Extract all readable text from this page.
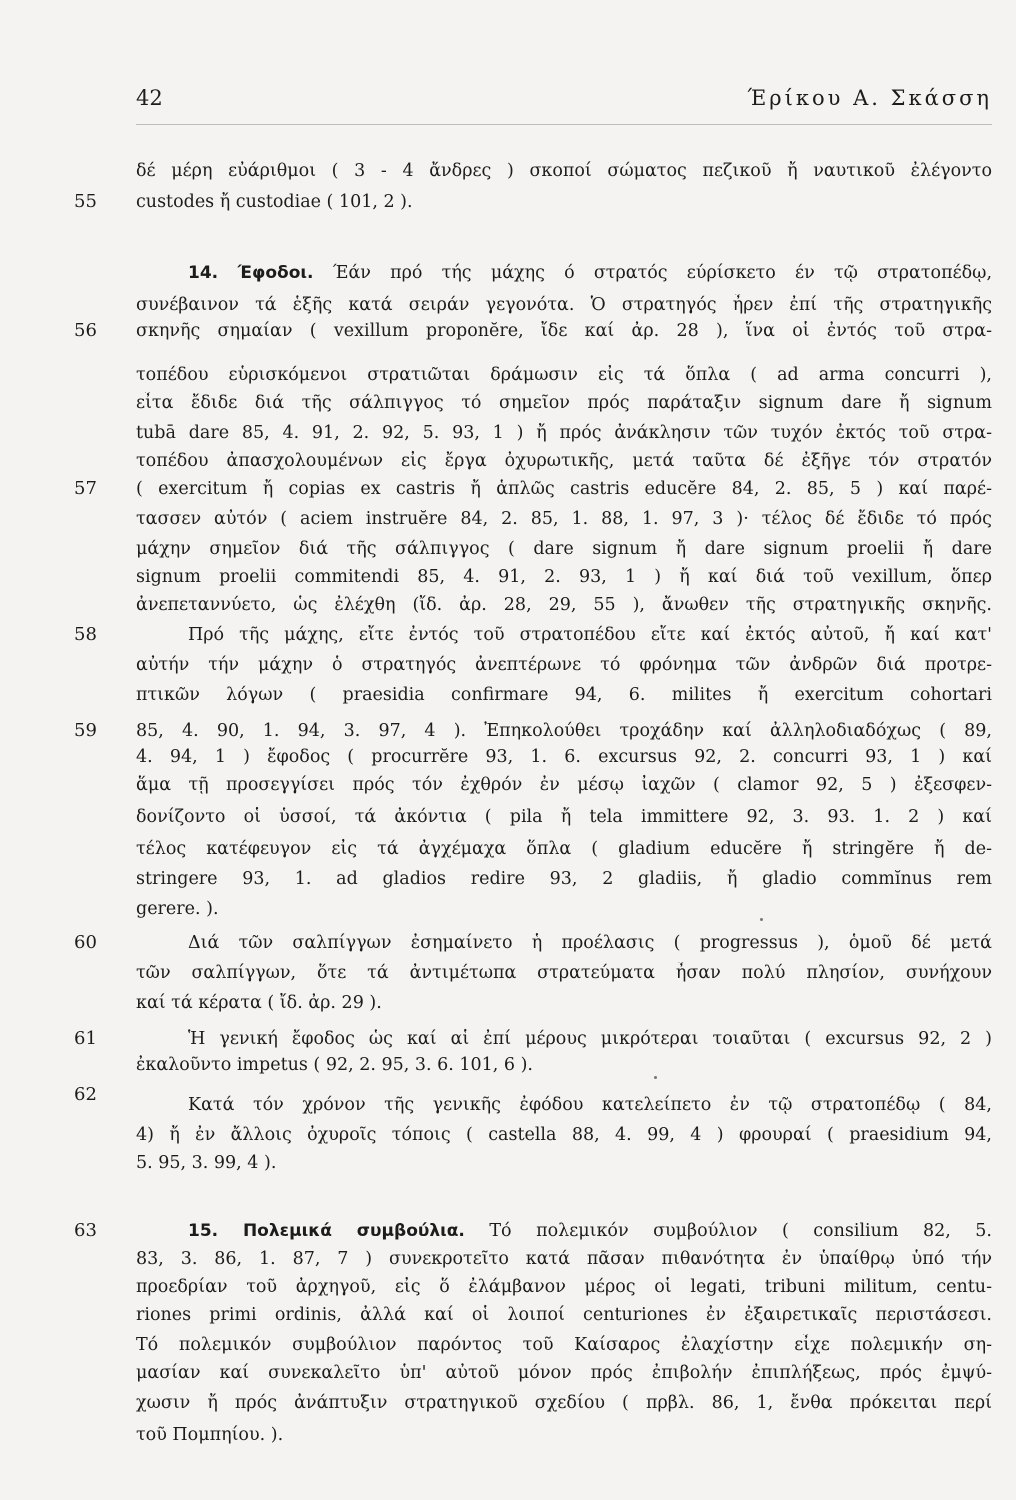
42	Έρίκου Α. Σκάσση
55
56
57
58
59
60
61
62
63
δέ μέρη εὐάριθμοι ( 3 - 4 ἄνδρες ) σκοποί σώματος πεζικοῦ ἤ ναυτικοῦ ἐλέγοντο
custodes ἤ custodiae ( 101, 2 ).
14. Έφοδοι. Έάν πρό τής μάχης ό στρατός εύρίσκετο έν τῷ στρατοπέδῳ,
συνέβαινον τά ἑξῆς κατά σειράν γεγονότα. Ὁ στρατηγός ἦρεν ἐπί τῆς στρατηγικῆς
σκηνῆς σημαίαν ( vexillum proponĕre, ἴδε καί ἀρ. 28 ), ἵνα οἱ ἐντός τοῦ στρα-
τοπέδου εὑρισκόμενοι στρατιῶται δράμωσιν εἰς τά ὅπλα ( ad arma concurri ),
εἶτα ἔδιδε διά τῆς σάλπιγγος τό σημεῖον πρός παράταξιν signum dare ἤ signum
tubā dare 85, 4. 91, 2. 92, 5. 93, 1 ) ἤ πρός ἀνάκλησιν τῶν τυχόν ἐκτός τοῦ στρα-
τοπέδου ἀπασχολουμένων εἰς ἔργα ὀχυρωτικῆς, μετά ταῦτα δέ ἐξῆγε τόν στρατόν
( exercitum ἤ copias ex castris ἤ ἁπλῶς castris educĕre 84, 2. 85, 5 ) καί παρέ-
τασσεν αὐτόν ( aciem instruĕre 84, 2. 85, 1. 88, 1. 97, 3 )· τέλος δέ ἔδιδε τό πρός
μάχην σημεῖον διά τῆς σάλπιγγος ( dare signum ἤ dare signum proelii ἤ dare
signum proelii commitendi 85, 4. 91, 2. 93, 1 ) ἤ καί διά τοῦ vexillum, ὅπερ
ἀνεπεταννύετο, ὡς ἐλέχθη (ἴδ. ἀρ. 28, 29, 55 ), ἄνωθεν τῆς στρατηγικῆς σκηνῆς.
Πρό τῆς μάχης, εἴτε ἐντός τοῦ στρατοπέδου εἴτε καί ἐκτός αὐτοῦ, ἤ καί κατ'
αὐτήν τήν μάχην ὁ στρατηγός ἀνεπτέρωνε τό φρόνημα τῶν ἀνδρῶν διά προτρε-
πτικῶν λόγων ( praesidia confirmare 94, 6. milites ἤ exercitum cohortari
85, 4. 90, 1. 94, 3. 97, 4 ). Ἐπηκολούθει τροχάδην καί ἀλληλοδιαδόχως ( 89,
4. 94, 1 ) ἔφοδος ( procurrĕre 93, 1. 6. excursus 92, 2. concurri 93, 1 ) καί
ἅμα τῇ προσεγγίσει πρός τόν ἐχθρόν ἐν μέσῳ ἰαχῶν ( clamor 92, 5 ) ἐξεσφεν-
δονίζοντο οἱ ὑσσοί, τά ἀκόντια ( pila ἤ tela immittere 92, 3. 93. 1. 2 ) καί
τέλος κατέφευγον εἰς τά ἀγχέμαχα ὅπλα ( gladium educĕre ἤ stringĕre ἤ de-
stringere 93, 1. ad gladios redire 93, 2 gladiis, ἤ gladio commĭnus rem
gerere. ).
Διά τῶν σαλπίγγων ἐσημαίνετο ἡ προέλασις ( progressus ), ὁμοῦ δέ μετά
τῶν σαλπίγγων, ὅτε τά ἀντιμέτωπα στρατεύματα ἦσαν πολύ πλησίον, συνήχουν
καί τά κέρατα ( ἴδ. ἀρ. 29 ).
Ἡ γενική ἔφοδος ὡς καί αἱ ἐπί μέρους μικρότεραι τοιαῦται ( excursus 92, 2 )
ἐκαλοῦντο impetus ( 92, 2. 95, 3. 6. 101, 6 ).
Κατά τόν χρόνον τῆς γενικῆς ἐφόδου κατελείπετο ἐν τῷ στρατοπέδῳ ( 84,
4) ἤ ἐν ἄλλοις ὀχυροῖς τόποις ( castella 88, 4. 99, 4 ) φρουραί ( praesidium 94,
5. 95, 3. 99, 4 ).
15. Πολεμικά συμβούλια. Τό πολεμικόν συμβούλιον ( consilium 82, 5.
83, 3. 86, 1. 87, 7 ) συνεκροτεῖτο κατά πᾶσαν πιθανότητα ἐν ὑπαίθρῳ ὑπό τήν
προεδρίαν τοῦ ἀρχηγοῦ, εἰς ὅ ἐλάμβανον μέρος οἱ legati, tribuni militum, centu-
riones primi ordinis, ἀλλά καί οἱ λοιποί centuriones ἐν ἐξαιρετικαῖς περιστάσεσι.
Τό πολεμικόν συμβούλιον παρόντος τοῦ Καίσαρος ἐλαχίστην εἶχε πολεμικήν ση-
μασίαν καί συνεκαλεῖτο ὑπ' αὐτοῦ μόνον πρός ἐπιβολήν ἐπιπλήξεως, πρός ἐμψύ-
χωσιν ἤ πρός ἀνάπτυξιν στρατηγικοῦ σχεδίου ( πρβλ. 86, 1, ἔνθα πρόκειται περί
τοῦ Πομπηίου. ).
